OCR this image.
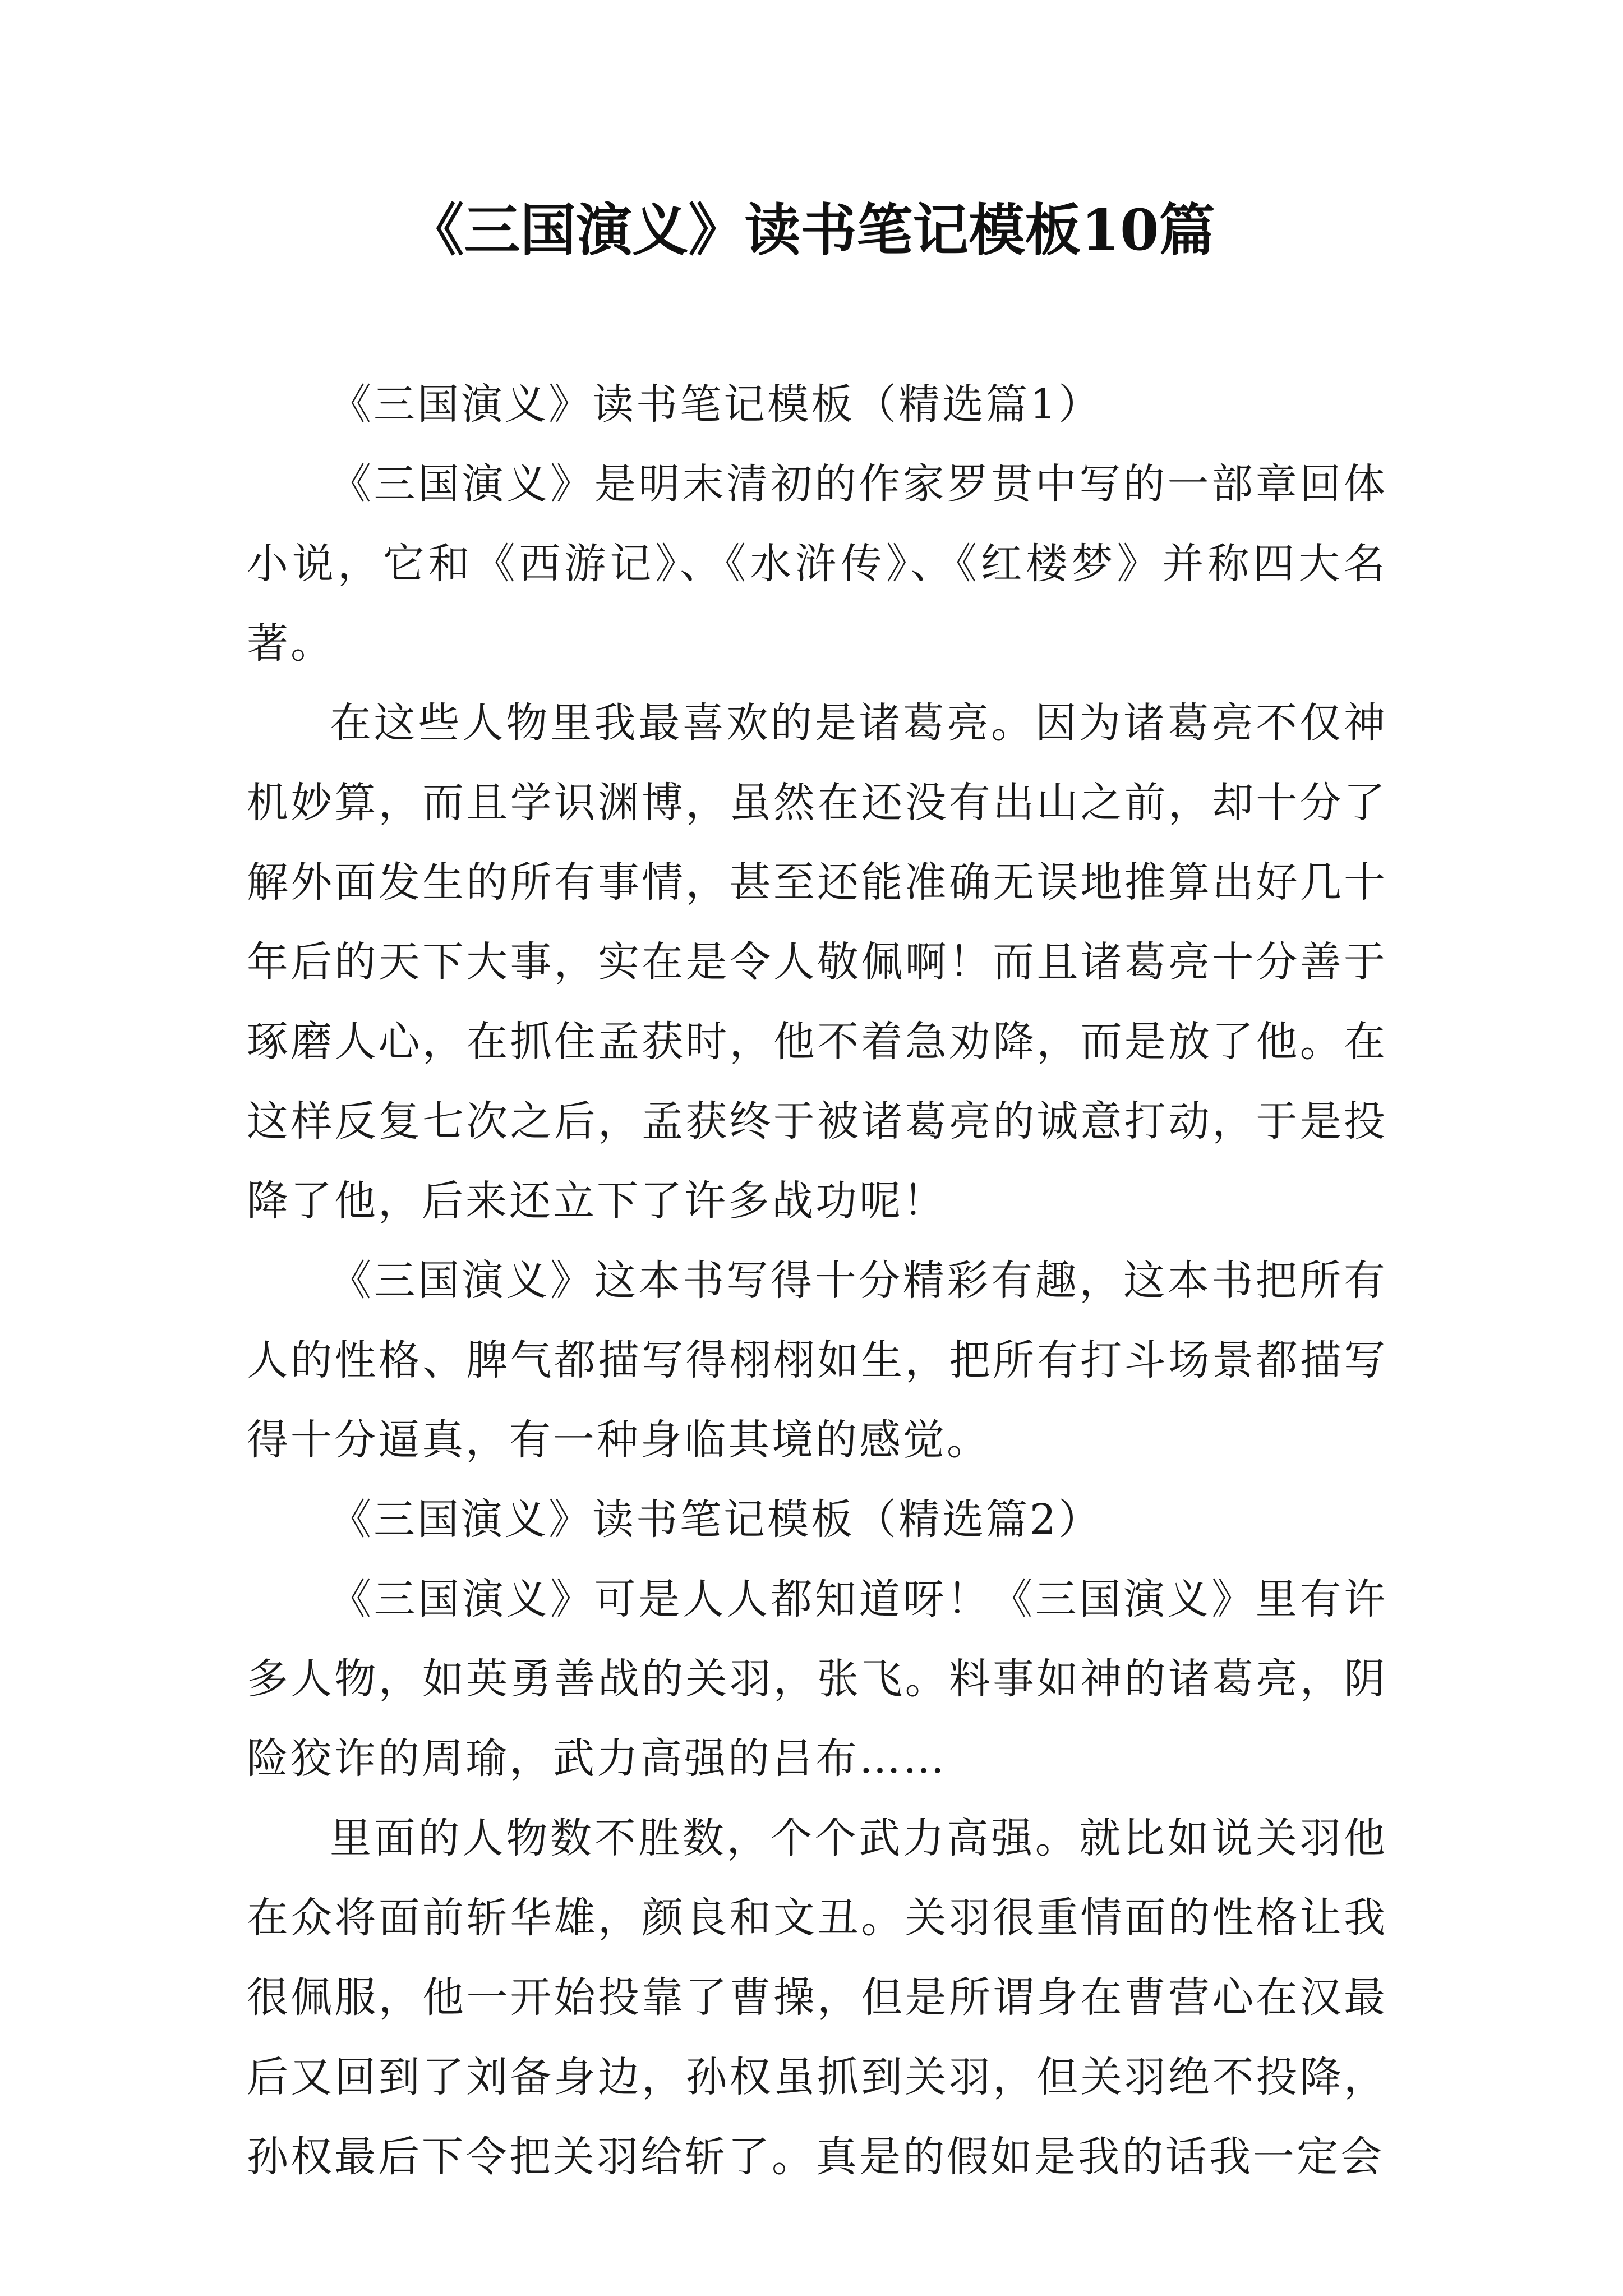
《三国演义》读书笔记模板10篇

《三国演义》读书笔记模板（精选篇1）

《三国演义》是明末清初的作家罗贯中写的一部章回体小说，它和《西游记》、《水浒传》、《红楼梦》并称四大名著。

在这些人物里我最喜欢的是诸葛亮。因为诸葛亮不仅神机妙算，而且学识渊博，虽然在还没有出山之前，却十分了解外面发生的所有事情，甚至还能准确无误地推算出好几十年后的天下大事，实在是令人敬佩啊！而且诸葛亮十分善于琢磨人心，在抓住孟获时，他不着急劝降，而是放了他。在这样反复七次之后，孟获终于被诸葛亮的诚意打动，于是投降了他，后来还立下了许多战功呢！

《三国演义》这本书写得十分精彩有趣，这本书把所有人的性格、脾气都描写得栩栩如生，把所有打斗场景都描写得十分逼真，有一种身临其境的感觉。

《三国演义》读书笔记模板（精选篇2）

《三国演义》可是人人都知道呀！《三国演义》里有许多人物，如英勇善战的关羽，张飞。料事如神的诸葛亮，阴险狡诈的周瑜，武力高强的吕布……

里面的人物数不胜数，个个武力高强。就比如说关羽他在众将面前斩华雄，颜良和文丑。关羽很重情面的性格让我很佩服，他一开始投靠了曹操，但是所谓身在曹营心在汉最后又回到了刘备身边，孙权虽抓到关羽，但关羽绝不投降，孙权最后下令把关羽给斩了。真是的假如是我的话我一定会
